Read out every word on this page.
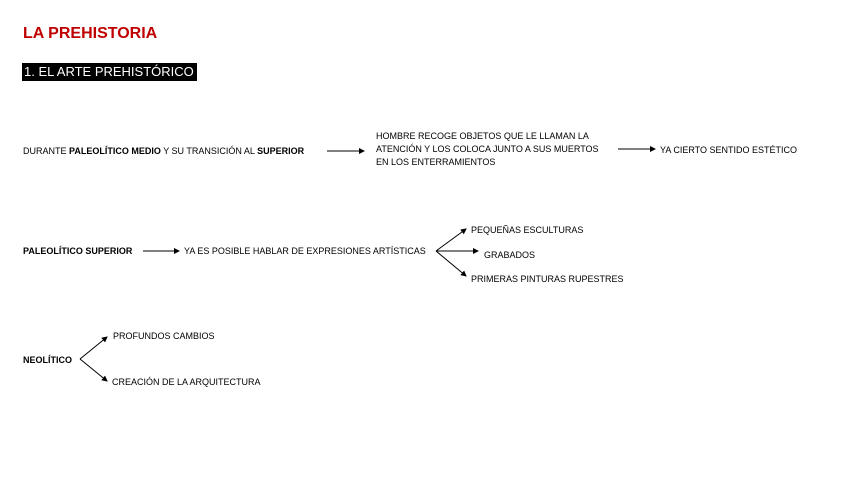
LA PREHISTORIA
1. EL ARTE PREHISTÓRICO
DURANTE PALEOLÍTICO MEDIO Y SU TRANSICIÓN AL SUPERIOR
HOMBRE RECOGE OBJETOS QUE LE LLAMAN LA
ATENCIÓN Y LOS COLOCA JUNTO A SUS MUERTOS
EN LOS ENTERRAMIENTOS
YA CIERTO SENTIDO ESTÉTICO
PALEOLÍTICO SUPERIOR	YA ES POSIBLE HABLAR DE EXPRESIONES ARTÍSTICAS
PEQUEÑAS ESCULTURAS
GRABADOS
PRIMERAS PINTURAS RUPESTRES
NEOLÍTICO
PROFUNDOS CAMBIOS
CREACIÓN DE LA ARQUITECTURA
